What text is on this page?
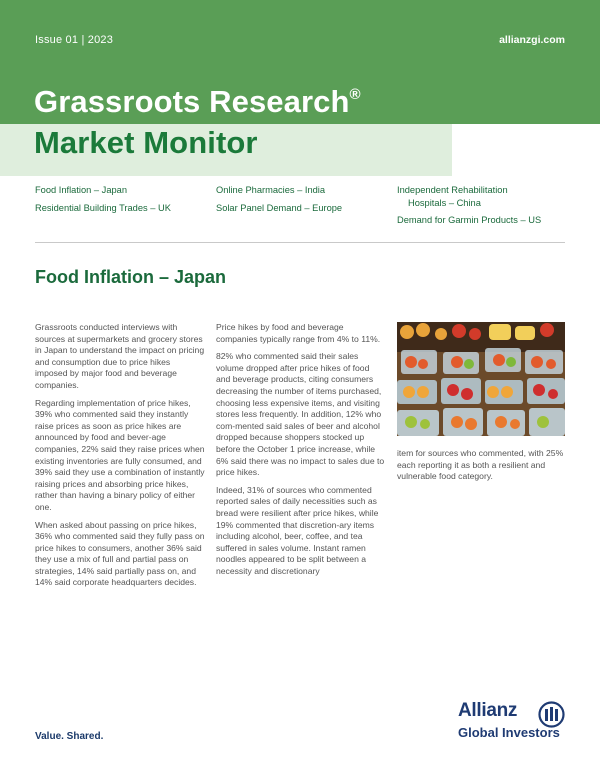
Issue 01 | 2023	allianzgi.com
Grassroots Research®
Market Monitor
Food Inflation – Japan
Residential Building Trades – UK
Online Pharmacies – India
Solar Panel Demand – Europe
Independent Rehabilitation
Hospitals – China
Demand for Garmin Products – US
Food Inflation – Japan

Grassroots conducted interviews with sources at supermarkets and grocery stores in Japan to understand the impact on pricing and consumption due to price hikes imposed by major food and beverage companies.

Regarding implementation of price hikes, 39% who commented said they instantly raise prices as soon as price hikes are announced by food and bever-age companies, 22% said they raise prices when existing inventories are fully consumed, and 39% said they use a combination of instantly raising prices and absorbing price hikes, rather than having a binary policy of either one.

When asked about passing on price hikes, 36% who commented said they fully pass on price hikes to consumers, another 36% said they use a mix of full and partial pass on strategies, 14% said partially pass on, and 14% said corporate headquarters decides.

Price hikes by food and beverage companies typically range from 4% to 11%.

82% who commented said their sales volume dropped after price hikes of food and beverage products, citing consumers decreasing the number of items purchased, choosing less expensive items, and visiting stores less frequently. In addition, 12% who com-mented said sales of beer and alcohol dropped because shoppers stocked up before the October 1 price increase, while 6% said there was no impact to sales due to price hikes.

Indeed, 31% of sources who commented reported sales of daily necessities such as bread were resilient after price hikes, while 19% commented that discretion-ary items including alcohol, beer, coffee, and tea suffered in sales volume. Instant ramen noodles appeared to be split between a necessity and discretionary

item for sources who commented, with 25% each reporting it as both a resilient and vulnerable food category.

Value. Shared.
Allianz
Global Investors
